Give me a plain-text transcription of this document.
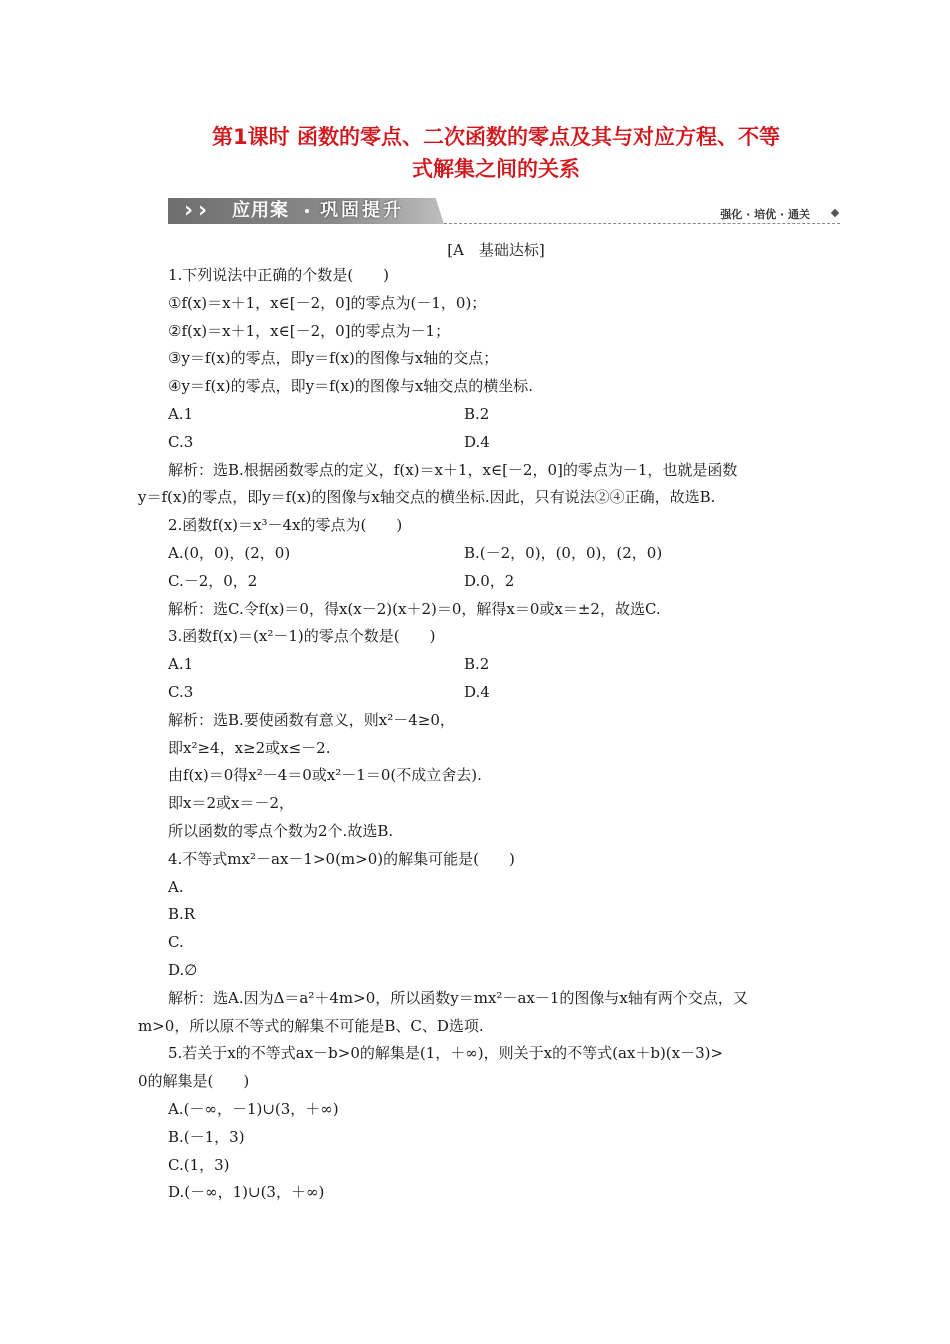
第1课时 函数的零点、二次函数的零点及其与对应方程、不等
式解集之间的关系
› › 应用案 巩固提升	强化 · 培优 · 通关
[A　基础达标]
1.下列说法中正确的个数是(　　)
①f(x)＝x＋1，x∈[－2，0]的零点为(－1，0)；
②f(x)＝x＋1，x∈[－2，0]的零点为－1；
③y＝f(x)的零点，即y＝f(x)的图像与x轴的交点；
④y＝f(x)的零点，即y＝f(x)的图像与x轴交点的横坐标.
A.1	B.2
C.3	D.4
解析：选B.根据函数零点的定义，f(x)＝x＋1，x∈[－2，0]的零点为－1，也就是函数
y＝f(x)的零点，即y＝f(x)的图像与x轴交点的横坐标.因此，只有说法②④正确，故选B.
2.函数f(x)＝x³－4x的零点为(　　)
A.(0，0)，(2，0)	B.(－2，0)，(0，0)，(2，0)
C.－2，0，2	D.0，2
解析：选C.令f(x)＝0，得x(x－2)(x＋2)＝0，解得x＝0或x＝±2，故选C.
3.函数f(x)＝(x²－1)的零点个数是(　　)
A.1	B.2
C.3	D.4
解析：选B.要使函数有意义，则x²－4≥0，
即x²≥4，x≥2或x≤－2.
由f(x)＝0得x²－4＝0或x²－1＝0(不成立舍去).
即x＝2或x＝－2，
所以函数的零点个数为2个.故选B.
4.不等式mx²－ax－1>0(m>0)的解集可能是(　　)
A.
B.R
C.
D.∅
解析：选A.因为Δ＝a²＋4m>0，所以函数y＝mx²－ax－1的图像与x轴有两个交点，又
m>0，所以原不等式的解集不可能是B、C、D选项.
5.若关于x的不等式ax－b>0的解集是(1，＋∞)，则关于x的不等式(ax＋b)(x－3)>
0的解集是(　　)
A.(－∞，－1)∪(3，＋∞)
B.(－1，3)
C.(1，3)
D.(－∞，1)∪(3，＋∞)
